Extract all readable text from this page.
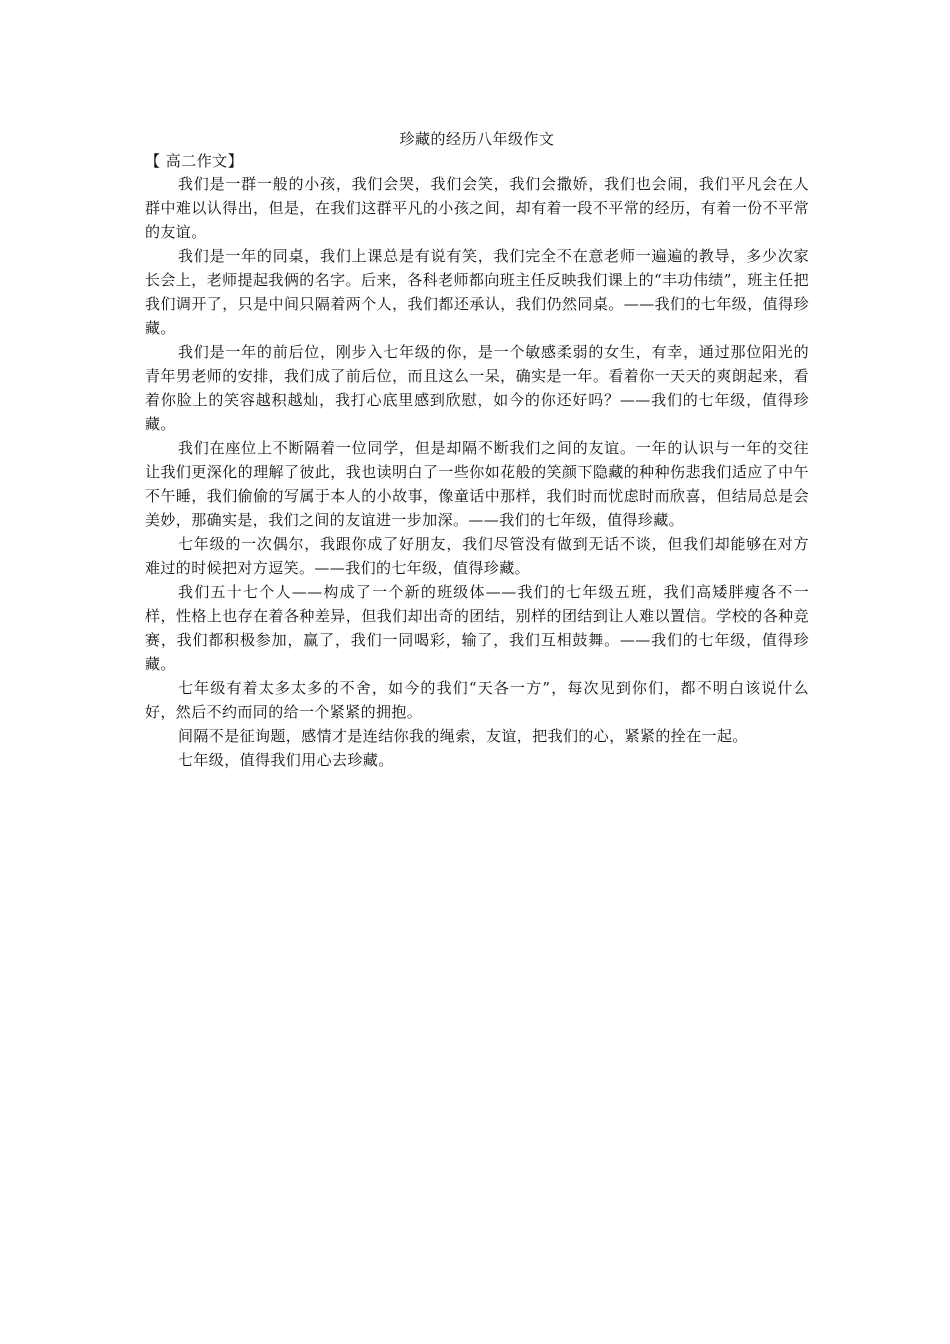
珍藏的经历八年级作文

【 高二作文】

我们是一群一般的小孩，我们会哭，我们会笑，我们会撒娇，我们也会闹，我们平凡会在人群中难以认得出，但是，在我们这群平凡的小孩之间，却有着一段不平常的经历，有着一份不平常的友谊。

我们是一年的同桌，我们上课总是有说有笑，我们完全不在意老师一遍遍的教导，多少次家长会上，老师提起我俩的名字。后来，各科老师都向班主任反映我们课上的“丰功伟绩”，班主任把我们调开了，只是中间只隔着两个人，我们都还承认，我们仍然同桌。——我们的七年级，值得珍藏。

我们是一年的前后位，刚步入七年级的你，是一个敏感柔弱的女生，有幸，通过那位阳光的青年男老师的安排，我们成了前后位，而且这么一呆，确实是一年。看着你一天天的爽朗起来，看着你脸上的笑容越积越灿，我打心底里感到欣慰，如今的你还好吗？——我们的七年级，值得珍藏。

我们在座位上不断隔着一位同学，但是却隔不断我们之间的友谊。一年的认识与一年的交往让我们更深化的理解了彼此，我也读明白了一些你如花般的笑颜下隐藏的种种伤悲我们适应了中午不午睡，我们偷偷的写属于本人的小故事，像童话中那样，我们时而忧虑时而欣喜，但结局总是会美妙，那确实是，我们之间的友谊进一步加深。——我们的七年级，值得珍藏。

七年级的一次偶尔，我跟你成了好朋友，我们尽管没有做到无话不谈，但我们却能够在对方难过的时候把对方逗笑。——我们的七年级，值得珍藏。

我们五十七个人——构成了一个新的班级体——我们的七年级五班，我们高矮胖瘦各不一样，性格上也存在着各种差异，但我们却出奇的团结，别样的团结到让人难以置信。学校的各种竞赛，我们都积极参加，赢了，我们一同喝彩，输了，我们互相鼓舞。——我们的七年级，值得珍藏。

七年级有着太多太多的不舍，如今的我们“天各一方”，每次见到你们，都不明白该说什么好，然后不约而同的给一个紧紧的拥抱。

间隔不是征询题，感情才是连结你我的绳索，友谊，把我们的心，紧紧的拴在一起。

七年级，值得我们用心去珍藏。
